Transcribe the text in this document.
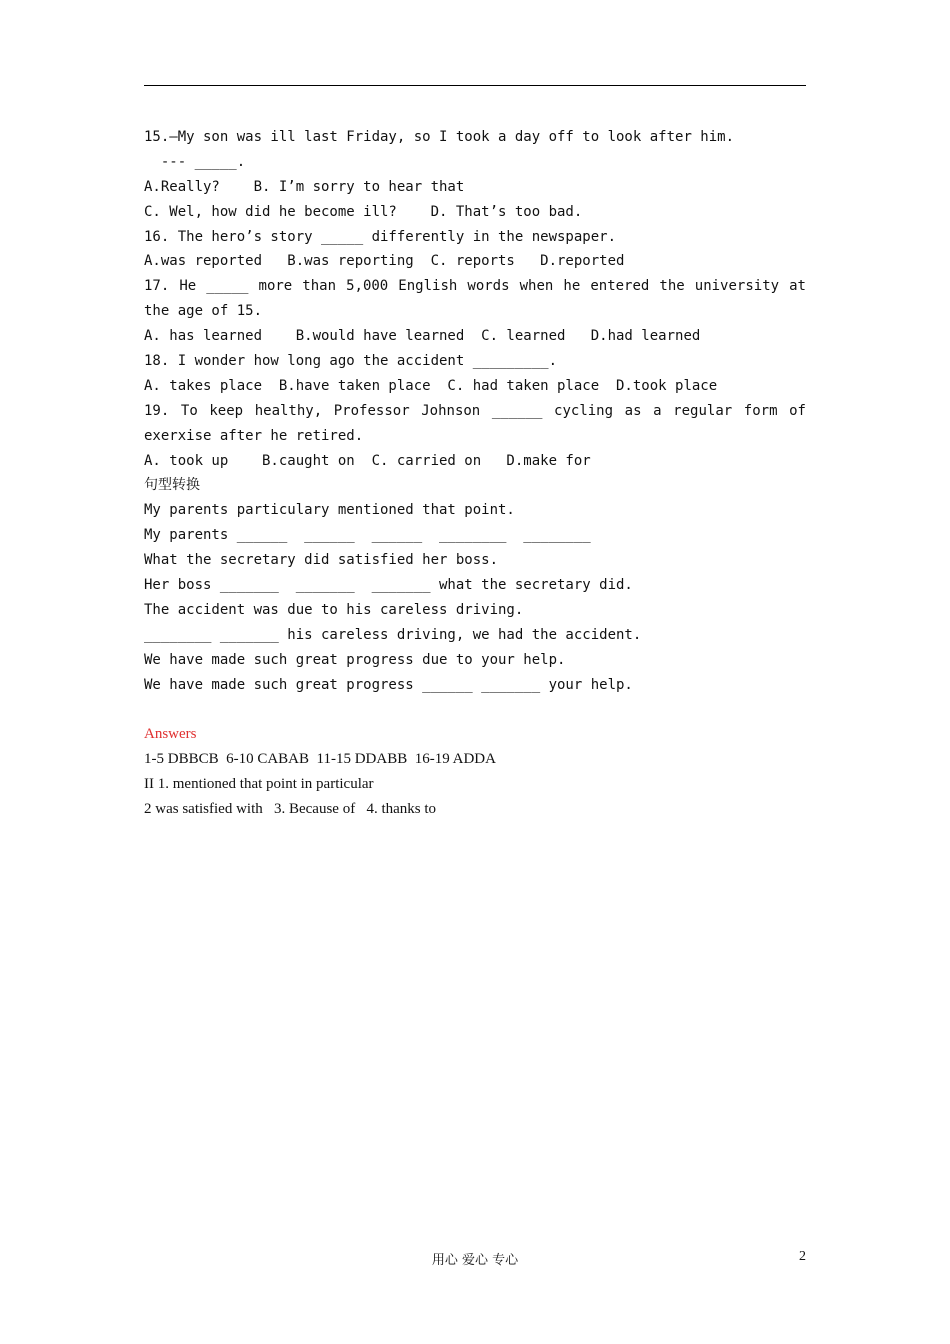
15.—My son was ill last Friday, so I took a day off to look after him.
--- _____.
A.Really?    B. I’m sorry to hear that
C. Wel, how did he become ill?    D. That’s too bad.
16. The hero’s story _____ differently in the newspaper.
A.was reported   B.was reporting  C. reports   D.reported
17. He _____ more than 5,000 English words when he entered the university at
the age of 15.
A. has learned    B.would have learned  C. learned   D.had learned
18. I wonder how long ago the accident _________.
A. takes place  B.have taken place  C. had taken place  D.took place
19. To keep healthy, Professor Johnson ______ cycling as a regular form of
exerxise after he retired.
A. took up    B.caught on  C. carried on   D.make for
句型转换
My parents particulary mentioned that point.
My parents ______  ______  ______  ________  ________
What the secretary did satisfied her boss.
Her boss _______  _______  _______ what the secretary did.
The accident was due to his careless driving.
________ _______ his careless driving, we had the accident.
We have made such great progress due to your help.
We have made such great progress ______ _______ your help.
Answers
1-5 DBBCB  6-10 CABAB  11-15 DDABB  16-19 ADDA
II 1. mentioned that point in particular
2 was satisfied with   3. Because of   4. thanks to
用心 爱心 专心	2
